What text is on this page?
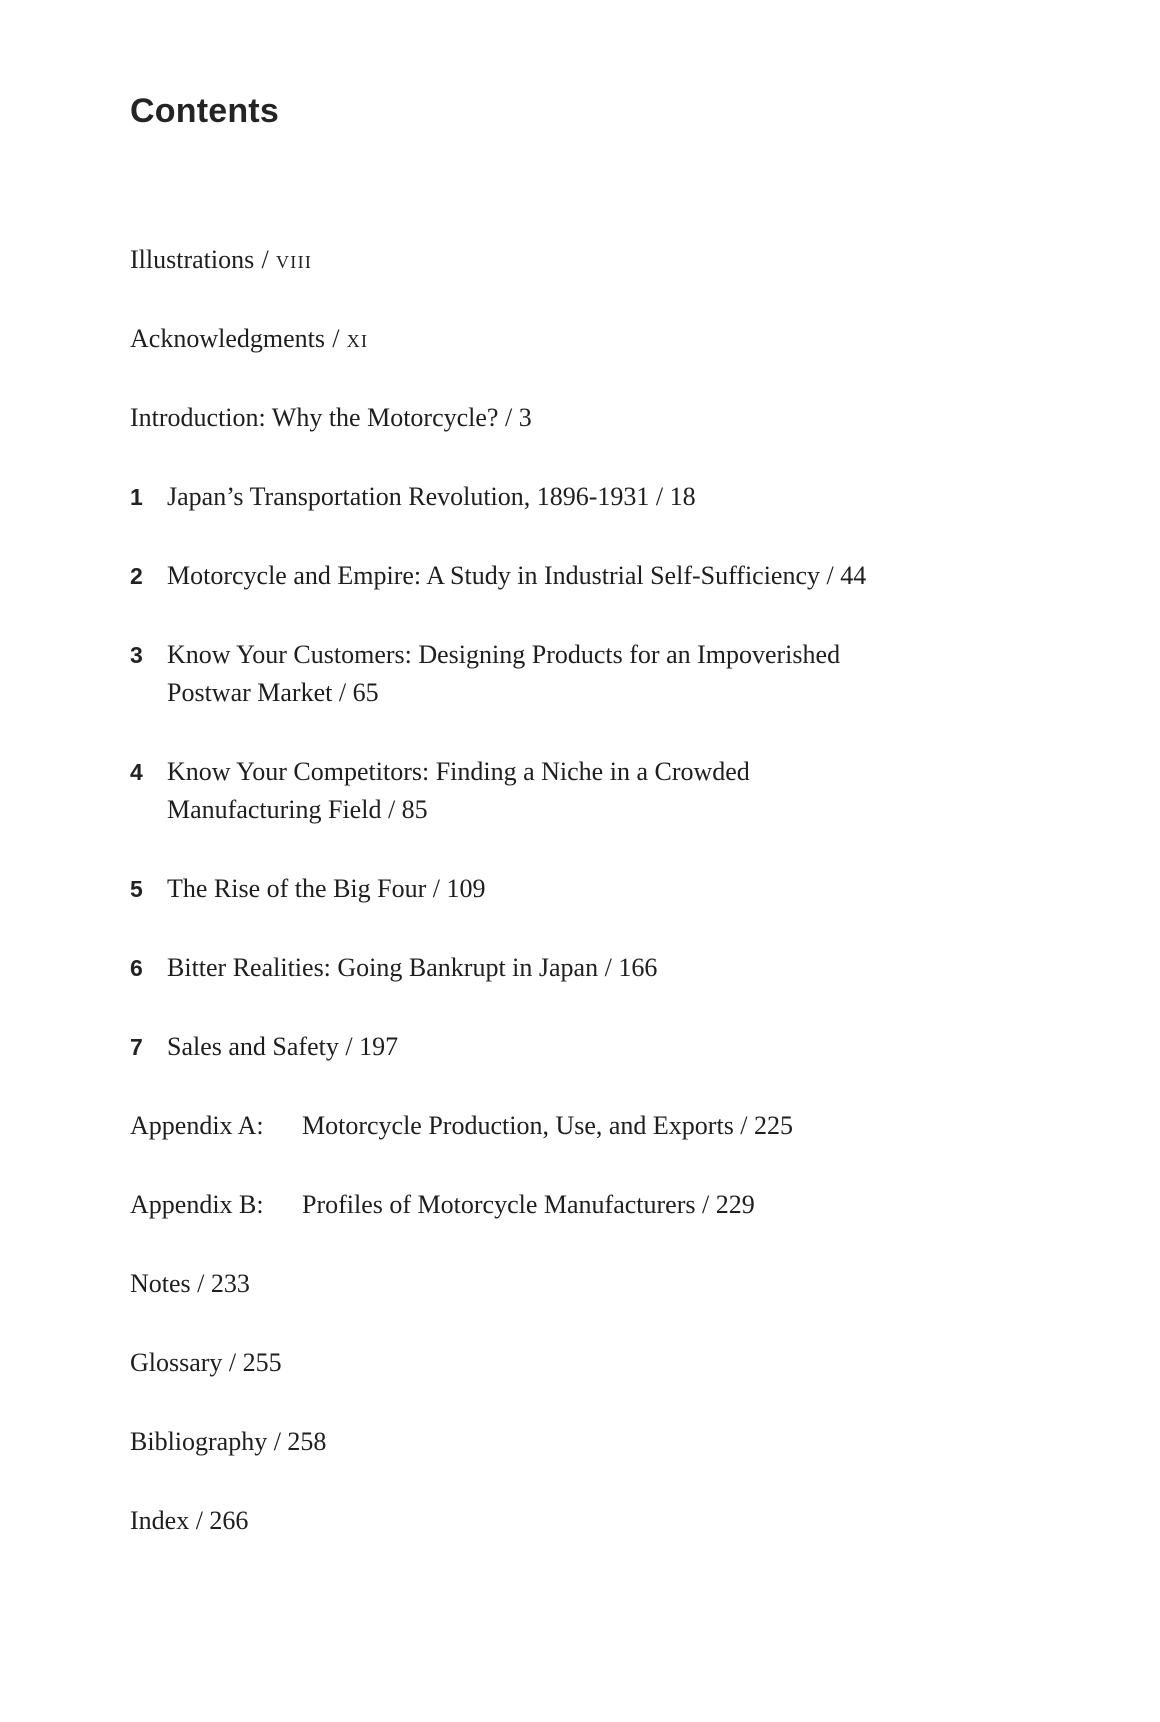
Contents
Illustrations / viii
Acknowledgments / xi
Introduction: Why the Motorcycle? / 3
1 Japan’s Transportation Revolution, 1896-1931 / 18
2 Motorcycle and Empire: A Study in Industrial Self-Sufficiency / 44
3 Know Your Customers: Designing Products for an Impoverished
Postwar Market / 65
4 Know Your Competitors: Finding a Niche in a Crowded
Manufacturing Field / 85
5 The Rise of the Big Four / 109
6 Bitter Realities: Going Bankrupt in Japan / 166
7 Sales and Safety / 197
Appendix A: Motorcycle Production, Use, and Exports / 225
Appendix B: Profiles of Motorcycle Manufacturers / 229
Notes / 233
Glossary / 255
Bibliography / 258
Index / 266
